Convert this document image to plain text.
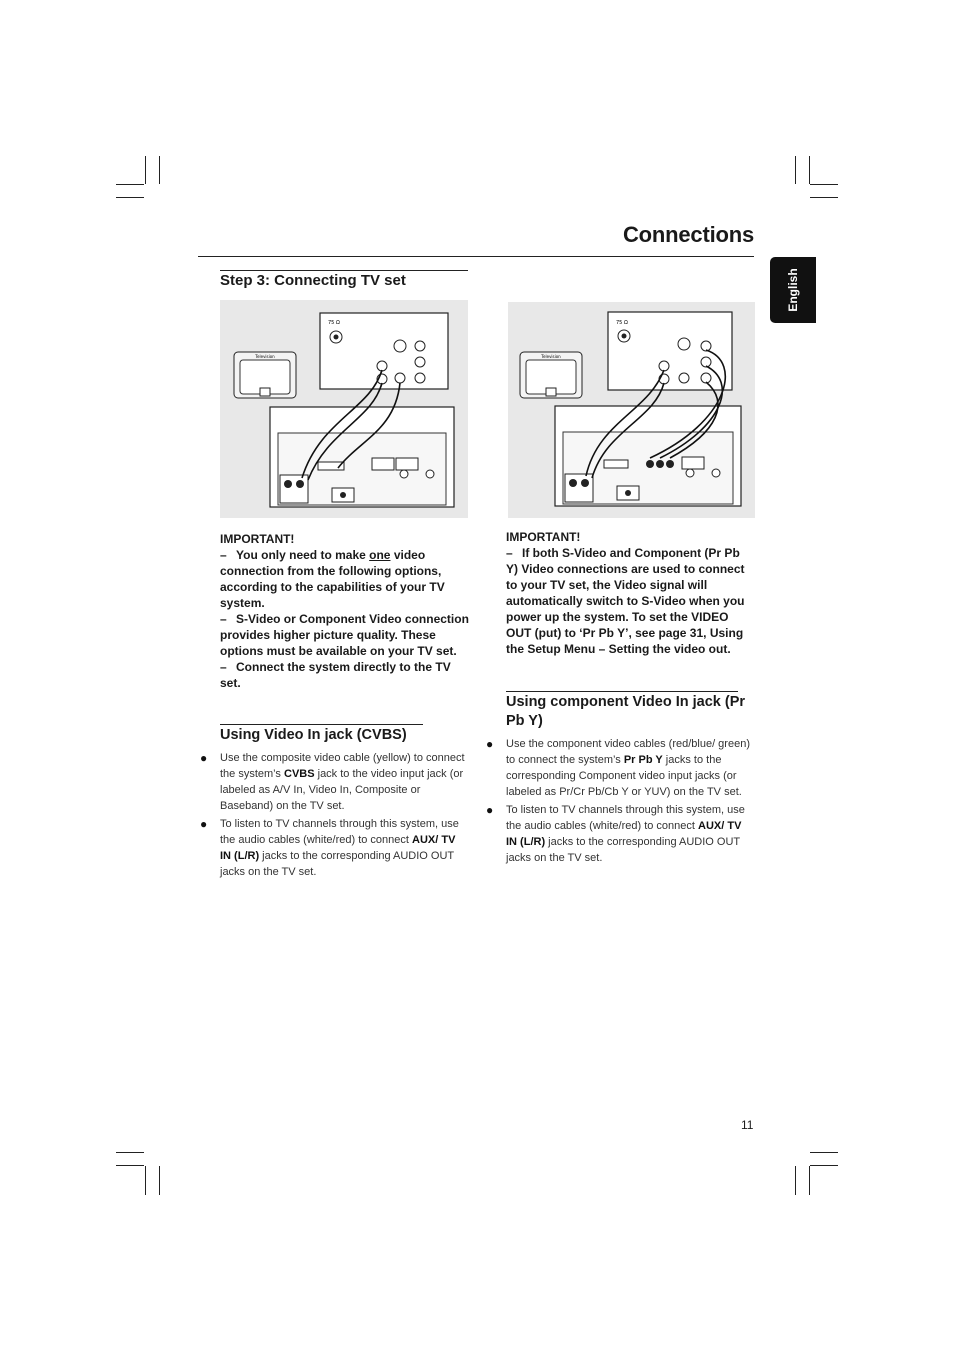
Connections
English
Step 3: Connecting TV set
75 Ω
Television
75 Ω
Television

IMPORTANT!

– You only need to make one video connection from the following options, according to the capabilities of your TV system.

– S-Video or Component Video connection provides higher picture quality. These options must be available on your TV set.

– Connect the system directly to the TV set.

Using Video In jack (CVBS)
● Use the composite video cable (yellow) to connect the system’s CVBS jack to the video input jack (or labeled as A/V In, Video In, Composite or Baseband) on the TV set.
● To listen to TV channels through this system, use the audio cables (white/red) to connect AUX/ TV IN (L/R) jacks to the corresponding AUDIO OUT jacks on the TV set.

IMPORTANT!

– If both S-Video and Component (Pr Pb Y) Video connections are used to connect to your TV set, the Video signal will automatically switch to S-Video when you power up the system. To set the VIDEO OUT (put) to ‘Pr Pb Y’, see page 31, Using the Setup Menu – Setting the video out.

Using component Video In jack (Pr Pb Y)
● Use the component video cables (red/blue/ green) to connect the system’s Pr Pb Y jacks to the corresponding Component video input jacks (or labeled as Pr/Cr Pb/Cb Y or YUV) on the TV set.
● To listen to TV channels through this system, use the audio cables (white/red) to connect AUX/ TV IN (L/R) jacks to the corresponding AUDIO OUT jacks on the TV set.
11
